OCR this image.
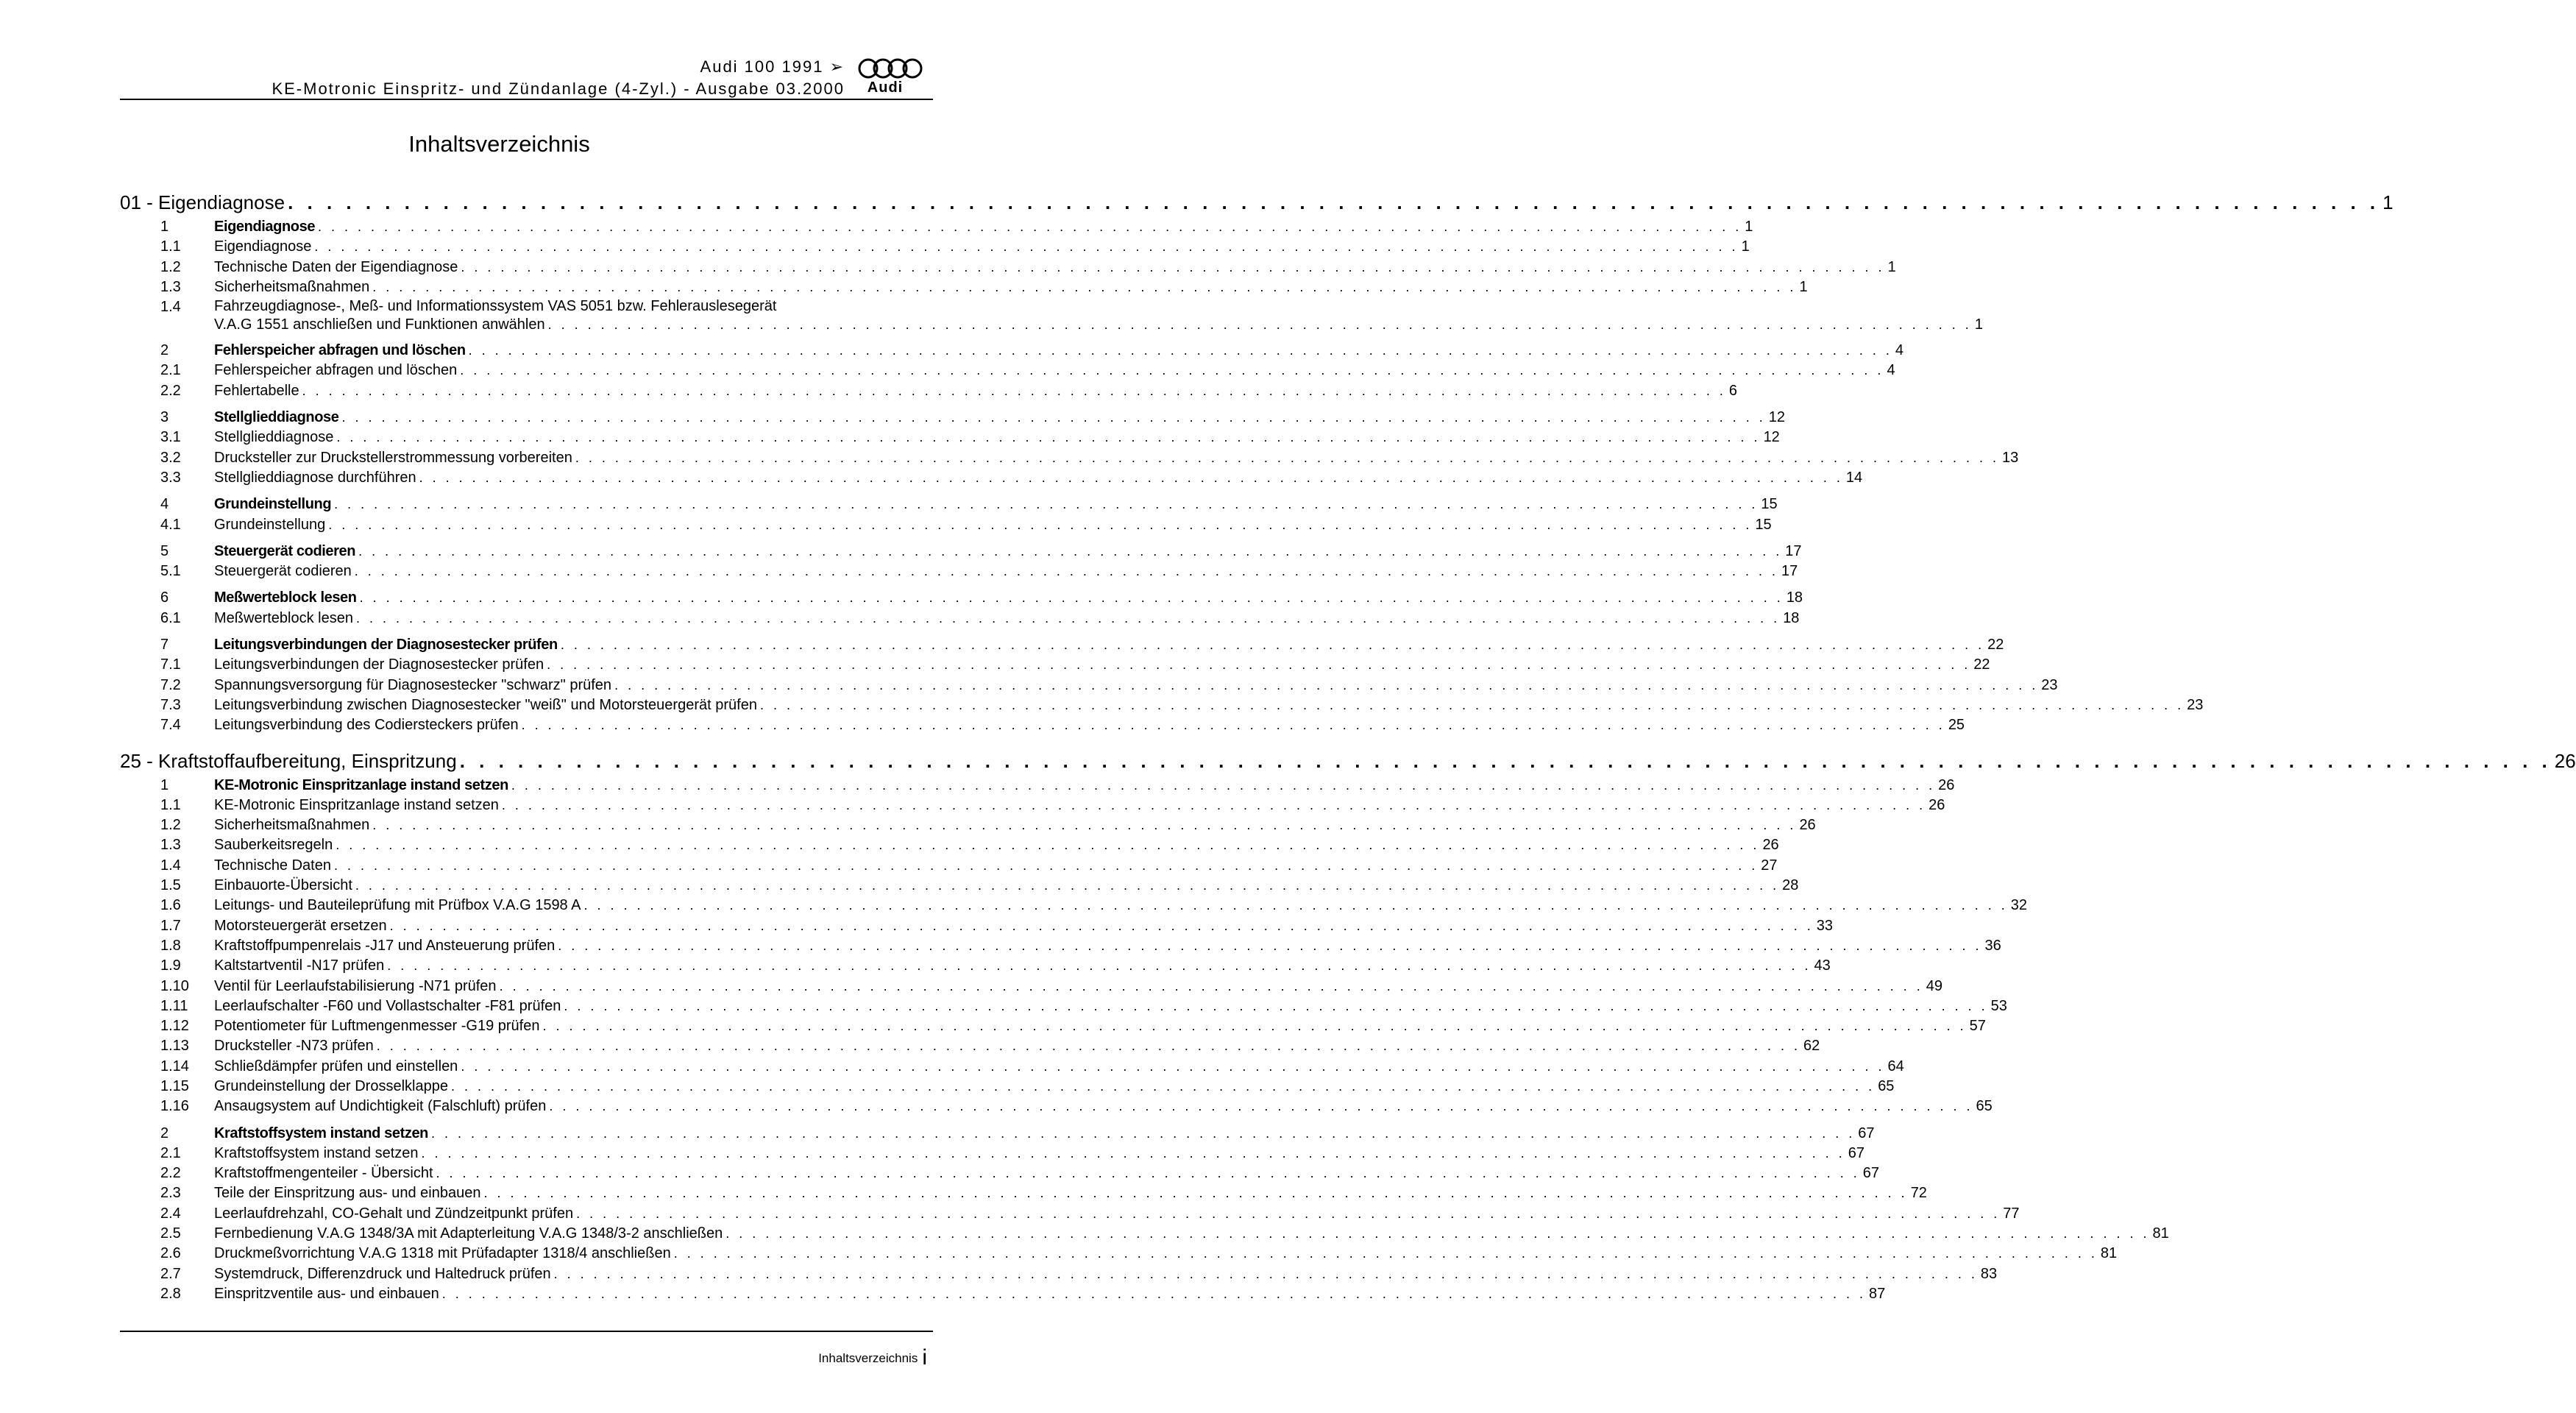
Audi 100 1991 ➢
KE-Motronic Einspritz- und Zündanlage (4-Zyl.) - Ausgabe 03.2000	Audi
Inhaltsverzeichnis
01 - Eigendiagnose . . . . . . . . . . . . . . . . . . . . . . . . . . . . . . . . . . . . . . . . . . . . . . . . . . . . . . . . . . . . . . . . . . . . . . . . . . . . . . . . . . . . . . . . . . . . . . . . . . . . . . . . . . . . 1
1	Eigendiagnose . . . . . . . . . . . . . . . . . . . . . . . . . . . . . . . . . . . . . . . . . . . . . . . . . . . . . . . . . . . . . . . . . . . . . . . . . . . . . . . . . . . . . . . . . . . . . . . . . . . . . . . . . . . . 1
1.1	Eigendiagnose . . . . . . . . . . . . . . . . . . . . . . . . . . . . . . . . . . . . . . . . . . . . . . . . . . . . . . . . . . . . . . . . . . . . . . . . . . . . . . . . . . . . . . . . . . . . . . . . . . . . . . . . . . . . 1
1.2	Technische Daten der Eigendiagnose . . . . . . . . . . . . . . . . . . . . . . . . . . . . . . . . . . . . . . . . . . . . . . . . . . . . . . . . . . . . . . . . . . . . . . . . . . . . . . . . . . . . . . . . . . . . . . . . . . . . . . . . . . . . 1
1.3	Sicherheitsmaßnahmen . . . . . . . . . . . . . . . . . . . . . . . . . . . . . . . . . . . . . . . . . . . . . . . . . . . . . . . . . . . . . . . . . . . . . . . . . . . . . . . . . . . . . . . . . . . . . . . . . . . . . . . . . . . . 1
1.4	Fahrzeugdiagnose-, Meß- und Informationssystem VAS 5051 bzw. Fehlerauslesegerät
V.A.G 1551 anschließen und Funktionen anwählen . . . . . . . . . . . . . . . . . . . . . . . . . . . . . . . . . . . . . . . . . . . . . . . . . . . . . . . . . . . . . . . . . . . . . . . . . . . . . . . . . . . . . . . . . . . . . . . . . . . . . . . . . . . . 1
2	Fehlerspeicher abfragen und löschen . . . . . . . . . . . . . . . . . . . . . . . . . . . . . . . . . . . . . . . . . . . . . . . . . . . . . . . . . . . . . . . . . . . . . . . . . . . . . . . . . . . . . . . . . . . . . . . . . . . . . . . . . . . . 4
2.1	Fehlerspeicher abfragen und löschen . . . . . . . . . . . . . . . . . . . . . . . . . . . . . . . . . . . . . . . . . . . . . . . . . . . . . . . . . . . . . . . . . . . . . . . . . . . . . . . . . . . . . . . . . . . . . . . . . . . . . . . . . . . . 4
2.2	Fehlertabelle . . . . . . . . . . . . . . . . . . . . . . . . . . . . . . . . . . . . . . . . . . . . . . . . . . . . . . . . . . . . . . . . . . . . . . . . . . . . . . . . . . . . . . . . . . . . . . . . . . . . . . . . . . . . 6
3	Stellglieddiagnose . . . . . . . . . . . . . . . . . . . . . . . . . . . . . . . . . . . . . . . . . . . . . . . . . . . . . . . . . . . . . . . . . . . . . . . . . . . . . . . . . . . . . . . . . . . . . . . . . . . . . . . . . . . . 12
3.1	Stellglieddiagnose . . . . . . . . . . . . . . . . . . . . . . . . . . . . . . . . . . . . . . . . . . . . . . . . . . . . . . . . . . . . . . . . . . . . . . . . . . . . . . . . . . . . . . . . . . . . . . . . . . . . . . . . . . . . 12
3.2	Drucksteller zur Druckstellerstrommessung vorbereiten . . . . . . . . . . . . . . . . . . . . . . . . . . . . . . . . . . . . . . . . . . . . . . . . . . . . . . . . . . . . . . . . . . . . . . . . . . . . . . . . . . . . . . . . . . . . . . . . . . . . . . . . . . . . 13
3.3	Stellglieddiagnose durchführen . . . . . . . . . . . . . . . . . . . . . . . . . . . . . . . . . . . . . . . . . . . . . . . . . . . . . . . . . . . . . . . . . . . . . . . . . . . . . . . . . . . . . . . . . . . . . . . . . . . . . . . . . . . . 14
4	Grundeinstellung . . . . . . . . . . . . . . . . . . . . . . . . . . . . . . . . . . . . . . . . . . . . . . . . . . . . . . . . . . . . . . . . . . . . . . . . . . . . . . . . . . . . . . . . . . . . . . . . . . . . . . . . . . . . 15
4.1	Grundeinstellung . . . . . . . . . . . . . . . . . . . . . . . . . . . . . . . . . . . . . . . . . . . . . . . . . . . . . . . . . . . . . . . . . . . . . . . . . . . . . . . . . . . . . . . . . . . . . . . . . . . . . . . . . . . . 15
5	Steuergerät codieren . . . . . . . . . . . . . . . . . . . . . . . . . . . . . . . . . . . . . . . . . . . . . . . . . . . . . . . . . . . . . . . . . . . . . . . . . . . . . . . . . . . . . . . . . . . . . . . . . . . . . . . . . . . . 17
5.1	Steuergerät codieren . . . . . . . . . . . . . . . . . . . . . . . . . . . . . . . . . . . . . . . . . . . . . . . . . . . . . . . . . . . . . . . . . . . . . . . . . . . . . . . . . . . . . . . . . . . . . . . . . . . . . . . . . . . . 17
6	Meßwerteblock lesen . . . . . . . . . . . . . . . . . . . . . . . . . . . . . . . . . . . . . . . . . . . . . . . . . . . . . . . . . . . . . . . . . . . . . . . . . . . . . . . . . . . . . . . . . . . . . . . . . . . . . . . . . . . . 18
6.1	Meßwerteblock lesen . . . . . . . . . . . . . . . . . . . . . . . . . . . . . . . . . . . . . . . . . . . . . . . . . . . . . . . . . . . . . . . . . . . . . . . . . . . . . . . . . . . . . . . . . . . . . . . . . . . . . . . . . . . . 18
7	Leitungsverbindungen der Diagnosestecker prüfen . . . . . . . . . . . . . . . . . . . . . . . . . . . . . . . . . . . . . . . . . . . . . . . . . . . . . . . . . . . . . . . . . . . . . . . . . . . . . . . . . . . . . . . . . . . . . . . . . . . . . . . . . . . . 22
7.1	Leitungsverbindungen der Diagnosestecker prüfen . . . . . . . . . . . . . . . . . . . . . . . . . . . . . . . . . . . . . . . . . . . . . . . . . . . . . . . . . . . . . . . . . . . . . . . . . . . . . . . . . . . . . . . . . . . . . . . . . . . . . . . . . . . . 22
7.2	Spannungsversorgung für Diagnosestecker "schwarz" prüfen . . . . . . . . . . . . . . . . . . . . . . . . . . . . . . . . . . . . . . . . . . . . . . . . . . . . . . . . . . . . . . . . . . . . . . . . . . . . . . . . . . . . . . . . . . . . . . . . . . . . . . . . . . . . 23
7.3	Leitungsverbindung zwischen Diagnosestecker "weiß" und Motorsteuergerät prüfen . . . . . . . . . . . . . . . . . . . . . . . . . . . . . . . . . . . . . . . . . . . . . . . . . . . . . . . . . . . . . . . . . . . . . . . . . . . . . . . . . . . . . . . . . . . . . . . . . . . . . . . . . . . . 23
7.4	Leitungsverbindung des Codiersteckers prüfen . . . . . . . . . . . . . . . . . . . . . . . . . . . . . . . . . . . . . . . . . . . . . . . . . . . . . . . . . . . . . . . . . . . . . . . . . . . . . . . . . . . . . . . . . . . . . . . . . . . . . . . . . . . . 25
25 - Kraftstoffaufbereitung, Einspritzung . . . . . . . . . . . . . . . . . . . . . . . . . . . . . . . . . . . . . . . . . . . . . . . . . . . . . . . . . . . . . . . . . . . . . . . . . . . . . . . . . . . . . . . . . . . . . . . . . . . . . . . . . . . . 26
1	KE-Motronic Einspritzanlage instand setzen . . . . . . . . . . . . . . . . . . . . . . . . . . . . . . . . . . . . . . . . . . . . . . . . . . . . . . . . . . . . . . . . . . . . . . . . . . . . . . . . . . . . . . . . . . . . . . . . . . . . . . . . . . . . 26
1.1	KE-Motronic Einspritzanlage instand setzen . . . . . . . . . . . . . . . . . . . . . . . . . . . . . . . . . . . . . . . . . . . . . . . . . . . . . . . . . . . . . . . . . . . . . . . . . . . . . . . . . . . . . . . . . . . . . . . . . . . . . . . . . . . . 26
1.2	Sicherheitsmaßnahmen . . . . . . . . . . . . . . . . . . . . . . . . . . . . . . . . . . . . . . . . . . . . . . . . . . . . . . . . . . . . . . . . . . . . . . . . . . . . . . . . . . . . . . . . . . . . . . . . . . . . . . . . . . . . 26
1.3	Sauberkeitsregeln . . . . . . . . . . . . . . . . . . . . . . . . . . . . . . . . . . . . . . . . . . . . . . . . . . . . . . . . . . . . . . . . . . . . . . . . . . . . . . . . . . . . . . . . . . . . . . . . . . . . . . . . . . . . 26
1.4	Technische Daten . . . . . . . . . . . . . . . . . . . . . . . . . . . . . . . . . . . . . . . . . . . . . . . . . . . . . . . . . . . . . . . . . . . . . . . . . . . . . . . . . . . . . . . . . . . . . . . . . . . . . . . . . . . . 27
1.5	Einbauorte-Übersicht . . . . . . . . . . . . . . . . . . . . . . . . . . . . . . . . . . . . . . . . . . . . . . . . . . . . . . . . . . . . . . . . . . . . . . . . . . . . . . . . . . . . . . . . . . . . . . . . . . . . . . . . . . . . 28
1.6	Leitungs- und Bauteileprüfung mit Prüfbox V.A.G 1598 A . . . . . . . . . . . . . . . . . . . . . . . . . . . . . . . . . . . . . . . . . . . . . . . . . . . . . . . . . . . . . . . . . . . . . . . . . . . . . . . . . . . . . . . . . . . . . . . . . . . . . . . . . . . . 32
1.7	Motorsteuergerät ersetzen . . . . . . . . . . . . . . . . . . . . . . . . . . . . . . . . . . . . . . . . . . . . . . . . . . . . . . . . . . . . . . . . . . . . . . . . . . . . . . . . . . . . . . . . . . . . . . . . . . . . . . . . . . . . 33
1.8	Kraftstoffpumpenrelais -J17 und Ansteuerung prüfen . . . . . . . . . . . . . . . . . . . . . . . . . . . . . . . . . . . . . . . . . . . . . . . . . . . . . . . . . . . . . . . . . . . . . . . . . . . . . . . . . . . . . . . . . . . . . . . . . . . . . . . . . . . . 36
1.9	Kaltstartventil -N17 prüfen . . . . . . . . . . . . . . . . . . . . . . . . . . . . . . . . . . . . . . . . . . . . . . . . . . . . . . . . . . . . . . . . . . . . . . . . . . . . . . . . . . . . . . . . . . . . . . . . . . . . . . . . . . . . 43
1.10	Ventil für Leerlaufstabilisierung -N71 prüfen . . . . . . . . . . . . . . . . . . . . . . . . . . . . . . . . . . . . . . . . . . . . . . . . . . . . . . . . . . . . . . . . . . . . . . . . . . . . . . . . . . . . . . . . . . . . . . . . . . . . . . . . . . . . 49
1.11	Leerlaufschalter -F60 und Vollastschalter -F81 prüfen . . . . . . . . . . . . . . . . . . . . . . . . . . . . . . . . . . . . . . . . . . . . . . . . . . . . . . . . . . . . . . . . . . . . . . . . . . . . . . . . . . . . . . . . . . . . . . . . . . . . . . . . . . . . 53
1.12	Potentiometer für Luftmengenmesser -G19 prüfen . . . . . . . . . . . . . . . . . . . . . . . . . . . . . . . . . . . . . . . . . . . . . . . . . . . . . . . . . . . . . . . . . . . . . . . . . . . . . . . . . . . . . . . . . . . . . . . . . . . . . . . . . . . . 57
1.13	Drucksteller -N73 prüfen . . . . . . . . . . . . . . . . . . . . . . . . . . . . . . . . . . . . . . . . . . . . . . . . . . . . . . . . . . . . . . . . . . . . . . . . . . . . . . . . . . . . . . . . . . . . . . . . . . . . . . . . . . . . 62
1.14	Schließdämpfer prüfen und einstellen . . . . . . . . . . . . . . . . . . . . . . . . . . . . . . . . . . . . . . . . . . . . . . . . . . . . . . . . . . . . . . . . . . . . . . . . . . . . . . . . . . . . . . . . . . . . . . . . . . . . . . . . . . . . 64
1.15	Grundeinstellung der Drosselklappe . . . . . . . . . . . . . . . . . . . . . . . . . . . . . . . . . . . . . . . . . . . . . . . . . . . . . . . . . . . . . . . . . . . . . . . . . . . . . . . . . . . . . . . . . . . . . . . . . . . . . . . . . . . . 65
1.16	Ansaugsystem auf Undichtigkeit (Falschluft) prüfen . . . . . . . . . . . . . . . . . . . . . . . . . . . . . . . . . . . . . . . . . . . . . . . . . . . . . . . . . . . . . . . . . . . . . . . . . . . . . . . . . . . . . . . . . . . . . . . . . . . . . . . . . . . . 65
2	Kraftstoffsystem instand setzen . . . . . . . . . . . . . . . . . . . . . . . . . . . . . . . . . . . . . . . . . . . . . . . . . . . . . . . . . . . . . . . . . . . . . . . . . . . . . . . . . . . . . . . . . . . . . . . . . . . . . . . . . . . . 67
2.1	Kraftstoffsystem instand setzen . . . . . . . . . . . . . . . . . . . . . . . . . . . . . . . . . . . . . . . . . . . . . . . . . . . . . . . . . . . . . . . . . . . . . . . . . . . . . . . . . . . . . . . . . . . . . . . . . . . . . . . . . . . . 67
2.2	Kraftstoffmengenteiler - Übersicht . . . . . . . . . . . . . . . . . . . . . . . . . . . . . . . . . . . . . . . . . . . . . . . . . . . . . . . . . . . . . . . . . . . . . . . . . . . . . . . . . . . . . . . . . . . . . . . . . . . . . . . . . . . . 67
2.3	Teile der Einspritzung aus- und einbauen . . . . . . . . . . . . . . . . . . . . . . . . . . . . . . . . . . . . . . . . . . . . . . . . . . . . . . . . . . . . . . . . . . . . . . . . . . . . . . . . . . . . . . . . . . . . . . . . . . . . . . . . . . . . 72
2.4	Leerlaufdrehzahl, CO-Gehalt und Zündzeitpunkt prüfen . . . . . . . . . . . . . . . . . . . . . . . . . . . . . . . . . . . . . . . . . . . . . . . . . . . . . . . . . . . . . . . . . . . . . . . . . . . . . . . . . . . . . . . . . . . . . . . . . . . . . . . . . . . . 77
2.5	Fernbedienung V.A.G 1348/3A mit Adapterleitung V.A.G 1348/3-2 anschließen . . . . . . . . . . . . . . . . . . . . . . . . . . . . . . . . . . . . . . . . . . . . . . . . . . . . . . . . . . . . . . . . . . . . . . . . . . . . . . . . . . . . . . . . . . . . . . . . . . . . . . . . . . . . 81
2.6	Druckmeßvorrichtung V.A.G 1318 mit Prüfadapter 1318/4 anschließen . . . . . . . . . . . . . . . . . . . . . . . . . . . . . . . . . . . . . . . . . . . . . . . . . . . . . . . . . . . . . . . . . . . . . . . . . . . . . . . . . . . . . . . . . . . . . . . . . . . . . . . . . . . . 81
2.7	Systemdruck, Differenzdruck und Haltedruck prüfen . . . . . . . . . . . . . . . . . . . . . . . . . . . . . . . . . . . . . . . . . . . . . . . . . . . . . . . . . . . . . . . . . . . . . . . . . . . . . . . . . . . . . . . . . . . . . . . . . . . . . . . . . . . . 83
2.8	Einspritzventile aus- und einbauen . . . . . . . . . . . . . . . . . . . . . . . . . . . . . . . . . . . . . . . . . . . . . . . . . . . . . . . . . . . . . . . . . . . . . . . . . . . . . . . . . . . . . . . . . . . . . . . . . . . . . . . . . . . . 87
Inhaltsverzeichnis i
